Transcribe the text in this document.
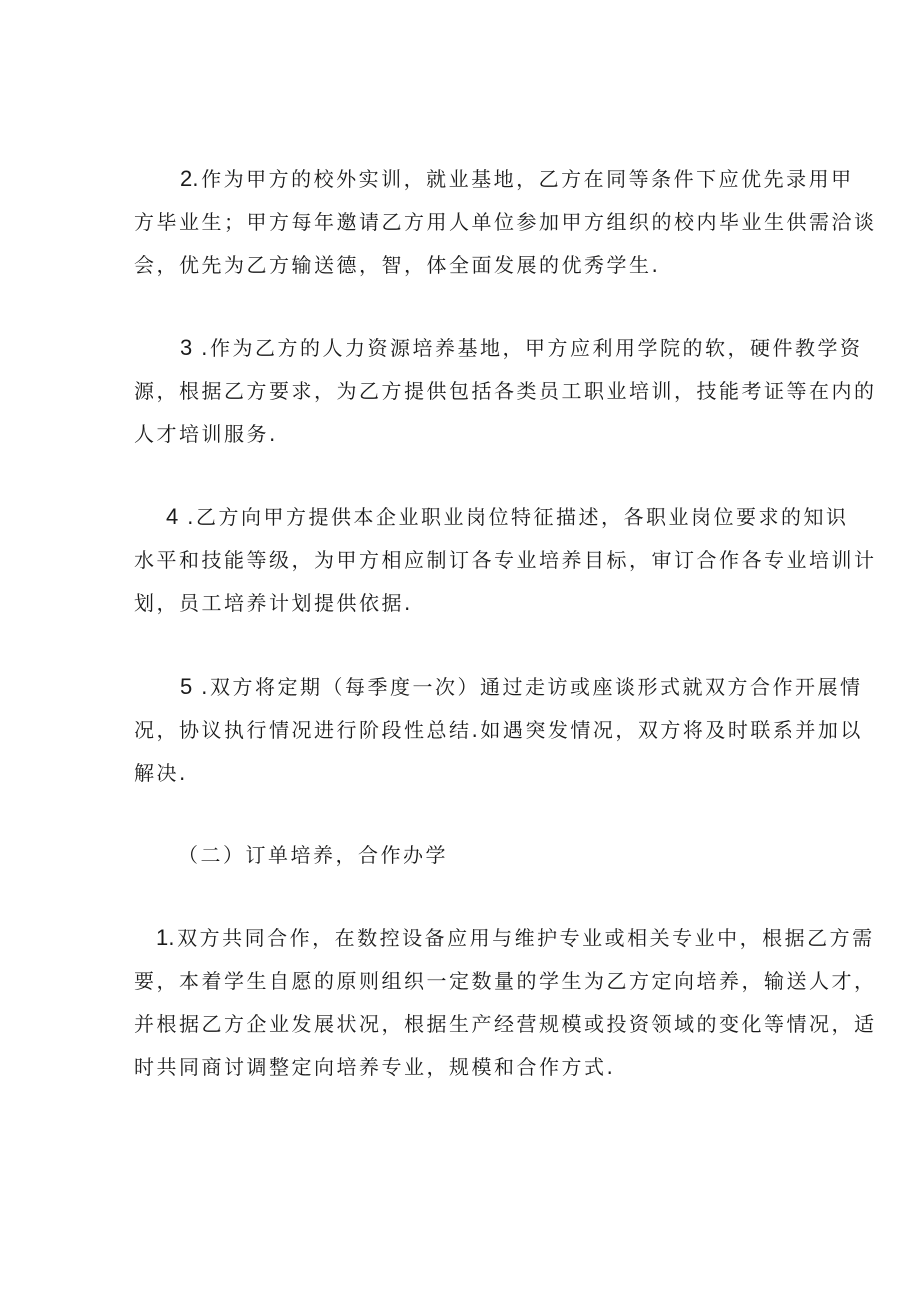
2.作为甲方的校外实训，就业基地，乙方在同等条件下应优先录用甲
方毕业生；甲方每年邀请乙方用人单位参加甲方组织的校内毕业生供需洽谈
会，优先为乙方输送德，智，体全面发展的优秀学生.
3 .作为乙方的人力资源培养基地，甲方应利用学院的软，硬件教学资
源，根据乙方要求，为乙方提供包括各类员工职业培训，技能考证等在内的
人才培训服务.
4 .乙方向甲方提供本企业职业岗位特征描述，各职业岗位要求的知识
水平和技能等级，为甲方相应制订各专业培养目标，审订合作各专业培训计
划，员工培养计划提供依据.
5 .双方将定期（每季度一次）通过走访或座谈形式就双方合作开展情
况，协议执行情况进行阶段性总结.如遇突发情况，双方将及时联系并加以
解决.
（二）订单培养，合作办学
1.双方共同合作，在数控设备应用与维护专业或相关专业中，根据乙方需
要，本着学生自愿的原则组织一定数量的学生为乙方定向培养，输送人才，
并根据乙方企业发展状况，根据生产经营规模或投资领域的变化等情况，适
时共同商讨调整定向培养专业，规模和合作方式.
